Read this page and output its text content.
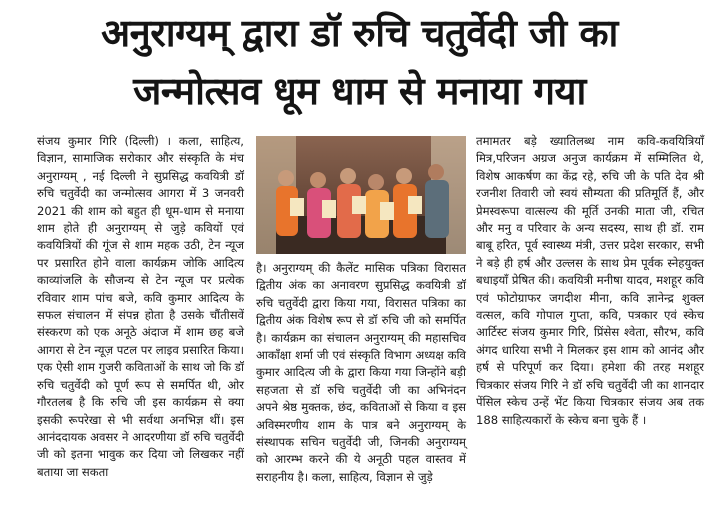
अनुराग्यम् द्वारा डॉ रुचि चतुर्वेदी जी का
जन्मोत्सव धूम धाम से मनाया गया

संजय कुमार गिरि (दिल्ली) । कला, साहित्य, विज्ञान, सामाजिक सरोकार और संस्कृति के मंच अनुराग्यम् , नई दिल्ली ने सुप्रसिद्ध कवयित्री डॉ रुचि चतुर्वेदी का जन्मोत्सव आगरा में 3 जनवरी 2021 की शाम को बहुत ही धूम-धाम से मनाया शाम होते ही अनुराग्यम् से जुड़े कवियों एवं कवयित्रियों की गूंज से शाम महक उठी, टेन न्यूज पर प्रसारित होने वाला कार्यक्रम जोकि आदित्य काव्यांजलि के सौजन्य से टेन न्यूज पर प्रत्येक रविवार शाम पांच बजे, कवि कुमार आदित्य के सफल संचालन में संपन्न होता है उसके चौंतीसवें संस्करण को एक अनूठे अंदाज में शाम छह बजे आगरा से टेन न्यूज़ पटल पर लाइव प्रसारित किया। एक ऐसी शाम गुजरी कविताओं के साथ जो कि डॉ रुचि चतुर्वेदी को पूर्ण रूप से समर्पित थी, ओर गौरतलब है कि रुचि जी इस कार्यक्रम से क्या इसकी रूपरेखा से भी सर्वथा अनभिज्ञ थीं। इस आनंददायक अवसर ने आदरणीया डॉ रुचि चतुर्वेदी जी को इतना भावुक कर दिया जो लिखकर नहीं बताया जा सकता

है। अनुराग्यम् की कैलेंट मासिक पत्रिका विरासत द्वितीय अंक का अनावरण सुप्रसिद्ध कवयित्री डॉ रुचि चतुर्वेदी द्वारा किया गया, विरासत पत्रिका का द्वितीय अंक विशेष रूप से डॉ रुचि जी को समर्पित है। कार्यक्रम का संचालन अनुराग्यम् की महासचिव आकाँक्षा शर्मा जी एवं संस्कृति विभाग अध्यक्ष कवि कुमार आदित्य जी के द्वारा किया गया जिन्होंने बड़ी सहजता से डॉ रुचि चतुर्वेदी जी का अभिनंदन अपने श्रेष्ठ मुक्तक, छंद, कविताओं से किया व इस अविस्मरणीय शाम के पात्र बने अनुराग्यम् के संस्थापक सचिन चतुर्वेदी जी, जिनकी अनुराग्यम् को आरम्भ करने की ये अनूठी पहल वास्तव में सराहनीय है। कला, साहित्य, विज्ञान से जुड़े

तमामतर बड़े ख्यातिलब्ध नाम कवि-कवयित्रियाँ मित्र,परिजन अग्रज अनुज कार्यक्रम में सम्मिलित थे, विशेष आकर्षण का केंद्र रहे, रुचि जी के पति देव श्री रजनीश तिवारी जो स्वयं सौम्यता की प्रतिमूर्ति हैं, और प्रेमस्वरूपा वात्सल्य की मूर्ति उनकी माता जी, रचित और मनु व परिवार के अन्य सदस्य, साथ ही डॉ. राम बाबू हरित, पूर्व स्वास्थ्य मंत्री, उत्तर प्रदेश सरकार, सभी ने बड़े ही हर्ष और उल्लस के साथ प्रेम पूर्वक स्नेहयुक्त बधाइयाँ प्रेषित की। कवयित्री मनीषा यादव, मशहूर कवि एवं फोटोग्राफर जगदीश मीना, कवि ज्ञानेन्द्र शुक्ल वत्सल, कवि गोपाल गुप्ता, कवि, पत्रकार एवं स्केच आर्टिस्ट संजय कुमार गिरि, प्रिंसेस श्वेता, सौरभ, कवि अंगद धारिया सभी ने मिलकर इस शाम को आनंद और हर्ष से परिपूर्ण कर दिया। हमेशा की तरह मशहूर चित्रकार संजय गिरि ने डॉ रुचि चतुर्वेदी जी का शानदार पेंसिल स्केच उन्हें भेंट किया चित्रकार संजय अब तक 188 साहित्यकारों के स्केच बना चुके हैं ।
